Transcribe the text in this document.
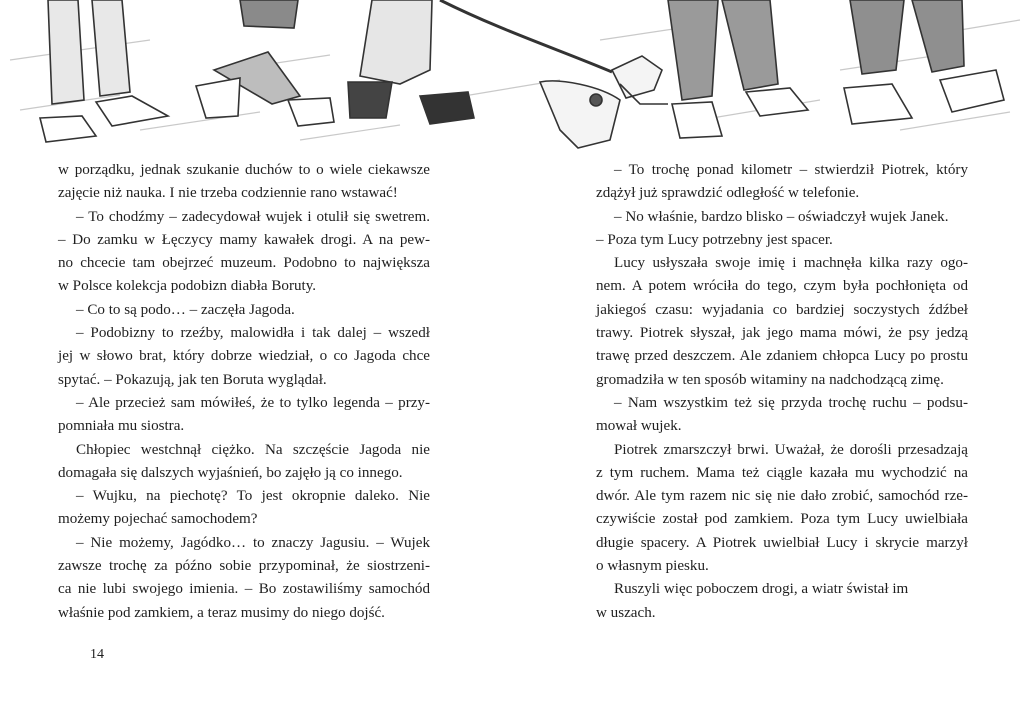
w porządku, jednak szukanie duchów to o wiele ciekawsze
zajęcie niż nauka. I nie trzeba codziennie rano wstawać!
– To chodźmy – zadecydował wujek i otulił się swetrem.
– Do zamku w Łęczycy mamy kawałek drogi. A na pew-
no chcecie tam obejrzeć muzeum. Podobno to największa
w Polsce kolekcja podobizn diabła Boruty.
– Co to są podo… – zaczęła Jagoda.
– Podobizny to rzeźby, malowidła i tak dalej – wszedł
jej w słowo brat, który dobrze wiedział, o co Jagoda chce
spytać. – Pokazują, jak ten Boruta wyglądał.
– Ale przecież sam mówiłeś, że to tylko legenda – przy-
pomniała mu siostra.
Chłopiec westchnął ciężko. Na szczęście Jagoda nie
domagała się dalszych wyjaśnień, bo zajęło ją co innego.
– Wujku, na piechotę? To jest okropnie daleko. Nie
możemy pojechać samochodem?
– Nie możemy, Jagódko… to znaczy Jagusiu. – Wujek
zawsze trochę za późno sobie przypominał, że siostrzeni-
ca nie lubi swojego imienia. – Bo zostawiliśmy samochód
właśnie pod zamkiem, a teraz musimy do niego dojść.
– To trochę ponad kilometr – stwierdził Piotrek, który
zdążył już sprawdzić odległość w telefonie.
– No właśnie, bardzo blisko – oświadczył wujek Janek.
– Poza tym Lucy potrzebny jest spacer.
Lucy usłyszała swoje imię i machnęła kilka razy ogo-
nem. A potem wróciła do tego, czym była pochłonięta od
jakiegoś czasu: wyjadania co bardziej soczystych źdźbeł
trawy. Piotrek słyszał, jak jego mama mówi, że psy jedzą
trawę przed deszczem. Ale zdaniem chłopca Lucy po prostu
gromadziła w ten sposób witaminy na nadchodzącą zimę.
– Nam wszystkim też się przyda trochę ruchu – podsu-
mował wujek.
Piotrek zmarszczył brwi. Uważał, że dorośli przesadzają
z tym ruchem. Mama też ciągle kazała mu wychodzić na
dwór. Ale tym razem nic się nie dało zrobić, samochód rze-
czywiście został pod zamkiem. Poza tym Lucy uwielbiała
długie spacery. A Piotrek uwielbiał Lucy i skrycie marzył
o własnym piesku.
Ruszyli więc poboczem drogi, a wiatr świstał im
w uszach.
14
